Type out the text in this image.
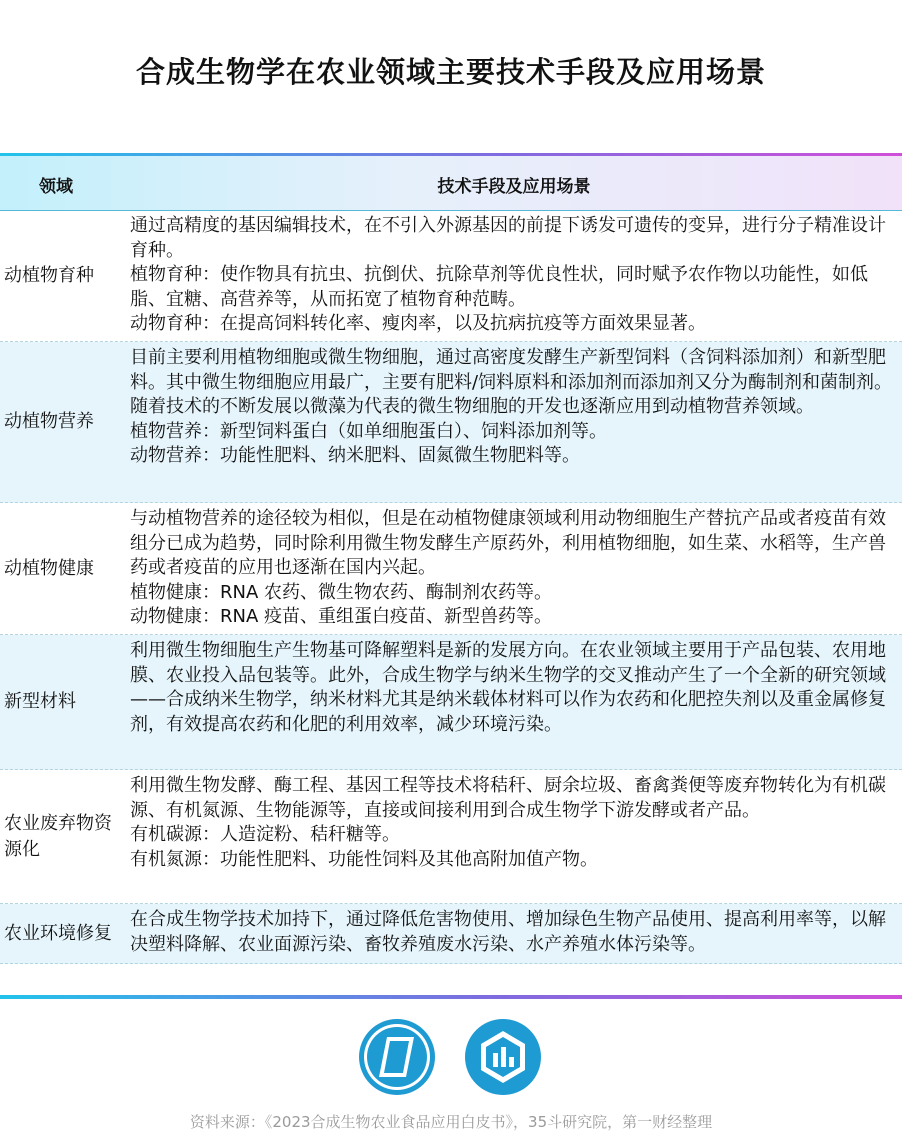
合成生物学在农业领域主要技术手段及应用场景
领域	技术手段及应用场景
动植物育种

通过高精度的基因编辑技术，在不引入外源基因的前提下诱发可遗传的变异，进行分子精准设计育种。

植物育种：使作物具有抗虫、抗倒伏、抗除草剂等优良性状，同时赋予农作物以功能性，如低脂、宜糖、高营养等，从而拓宽了植物育种范畴。

动物育种：在提高饲料转化率、瘦肉率，以及抗病抗疫等方面效果显著。

动植物营养

目前主要利用植物细胞或微生物细胞，通过高密度发酵生产新型饲料（含饲料添加剂）和新型肥料。其中微生物细胞应用最广，主要有肥料/饲料原料和添加剂而添加剂又分为酶制剂和菌制剂。随着技术的不断发展以微藻为代表的微生物细胞的开发也逐渐应用到动植物营养领域。

植物营养：新型饲料蛋白（如单细胞蛋白）、饲料添加剂等。

动物营养：功能性肥料、纳米肥料、固氮微生物肥料等。

动植物健康

与动植物营养的途径较为相似，但是在动植物健康领域利用动物细胞生产替抗产品或者疫苗有效组分已成为趋势，同时除利用微生物发酵生产原药外，利用植物细胞，如生菜、水稻等，生产兽药或者疫苗的应用也逐渐在国内兴起。

植物健康：RNA 农药、微生物农药、酶制剂农药等。

动物健康：RNA 疫苗、重组蛋白疫苗、新型兽药等。

新型材料

利用微生物细胞生产生物基可降解塑料是新的发展方向。在农业领域主要用于产品包装、农用地膜、农业投入品包装等。此外，合成生物学与纳米生物学的交叉推动产生了一个全新的研究领域——合成纳米生物学，纳米材料尤其是纳米载体材料可以作为农药和化肥控失剂以及重金属修复剂，有效提高农药和化肥的利用效率，减少环境污染。

农业废弃物资源化

利用微生物发酵、酶工程、基因工程等技术将秸秆、厨余垃圾、畜禽粪便等废弃物转化为有机碳源、有机氮源、生物能源等，直接或间接利用到合成生物学下游发酵或者产品。

有机碳源：人造淀粉、秸秆糖等。

有机氮源：功能性肥料、功能性饲料及其他高附加值产物。

农业环境修复

在合成生物学技术加持下，通过降低危害物使用、增加绿色生物产品使用、提高利用率等，以解决塑料降解、农业面源污染、畜牧养殖废水污染、水产养殖水体污染等。

资料来源：《2023合成生物农业食品应用白皮书》，35斗研究院，第一财经整理
